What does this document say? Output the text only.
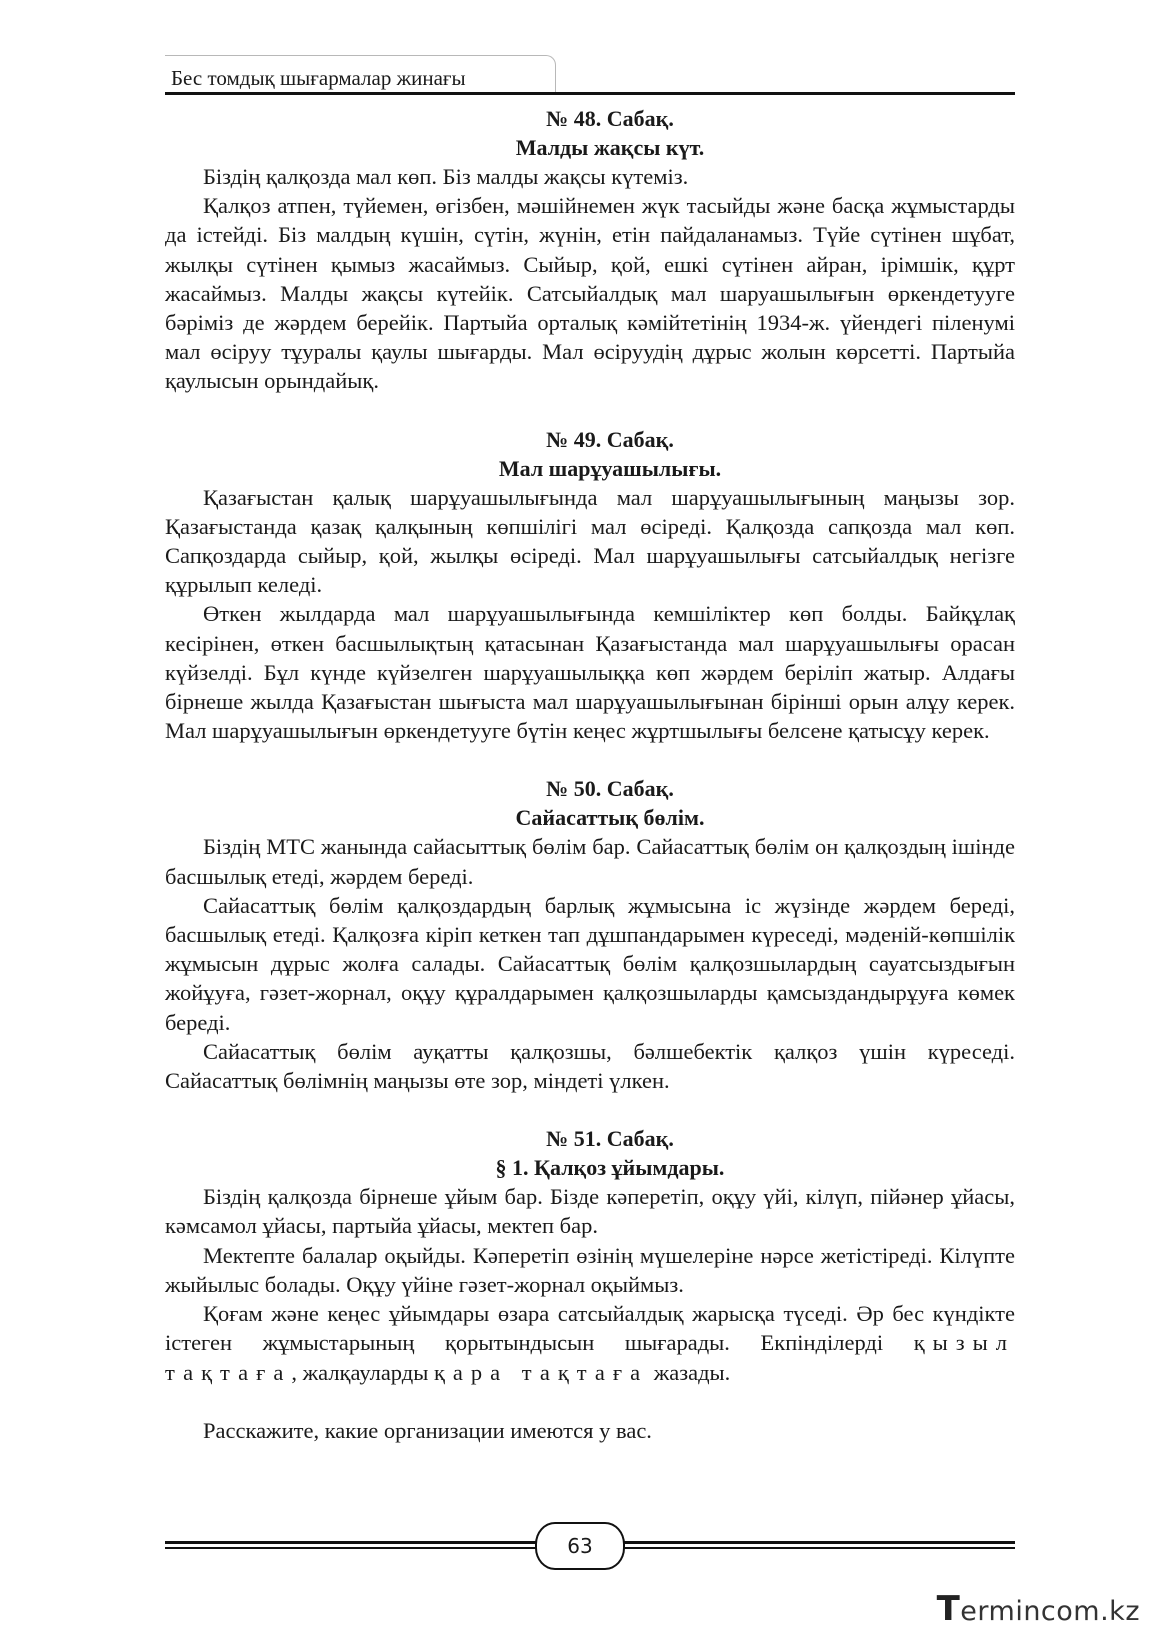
Бес томдық шығармалар жинағы

№ 48. Сабақ.

Малды жақсы күт.

Біздің қалқозда мал көп. Біз малды жақсы күтеміз.

Қалқоз атпен, түйемен, өгізбен, мәшійнемен жүк тасыйды және басқа жұмыстарды да істейді. Біз малдың күшін, сүтін, жүнін, етін пайдаланамыз. Түйе сүтінен шұбат, жылқы сүтінен қымыз жасаймыз. Сыйыр, қой, ешкі сүтінен айран, ірімшік, құрт жасаймыз. Малды жақсы күтейік. Сатсыйалдық мал шаруашылығын өркендетууге бәріміз де жәрдем берейік. Партыйа орталық кәмійтетінің 1934-ж. үйендегі піленумі мал өсіруу тұуралы қаулы шығарды. Мал өсіруудің дұрыс жолын көрсетті. Партыйа қаулысын орындайық.

№ 49. Сабақ.

Мал шарұуашылығы.

Қазағыстан қалық шарұуашылығында мал шарұуашылығының маңызы зор. Қазағыстанда қазақ қалқының көпшілігі мал өсіреді. Қалқозда сапқозда мал көп. Сапқоздарда сыйыр, қой, жылқы өсіреді. Мал шарұуашылығы сатсыйалдық негізге құрылып келеді.

Өткен жылдарда мал шарұуашылығында кемшіліктер көп болды. Байқұлақ кесірінен, өткен басшылықтың қатасынан Қазағыстанда мал шарұуашылығы орасан күйзелді. Бұл күнде күйзелген шарұуашылыққа көп жәрдем беріліп жатыр. Алдағы бірнеше жылда Қазағыстан шығыста мал шарұуашылығынан бірінші орын алұу керек. Мал шарұуашылығын өркендетууге бүтін кеңес жұртшылығы белсене қатысұу керек.

№ 50. Сабақ.

Сайасаттық бөлім.

Біздің МТС жанында сайасыттық бөлім бар. Сайасаттық бөлім он қалқоздың ішінде басшылық етеді, жәрдем береді.

Сайасаттық бөлім қалқоздардың барлық жұмысына іс жүзінде жәрдем береді, басшылық етеді. Қалқозға кіріп кеткен тап дұшпандарымен күреседі, мәденій-көпшілік жұмысын дұрыс жолға салады. Сайасаттық бөлім қалқозшылардың сауатсыздығын жойұуға, гәзет-жорнал, оқұу құралдарымен қалқозшыларды қамсыздандырұуға көмек береді.

Сайасаттық бөлім ауқатты қалқозшы, бәлшебектік қалқоз үшін күреседі. Сайасаттық бөлімнің маңызы өте зор, міндеті үлкен.

№ 51. Сабақ.

§ 1. Қалқоз ұйымдары.

Біздің қалқозда бірнеше ұйым бар. Бізде кәперетіп, оқұу үйі, кілүп, пійәнер ұйасы, кәмсамол ұйасы, партыйа ұйасы, мектеп бар.

Мектепте балалар оқыйды. Кәперетіп өзінің мүшелеріне нәрсе жетістіреді. Кілүпте жыйылыс болады. Оқұу үйіне гәзет-жорнал оқыймыз.

Қоғам және кеңес ұйымдары өзара сатсыйалдық жарысқа түседі. Әр бес күндікте істеген жұмыстарының қорытындысын шығарады. Екпінділерді қызыл тақтаға, жалқауларды қара тақтаға жазады.

Расскажите, какие организации имеются у вас.

63
Termincom.kz
